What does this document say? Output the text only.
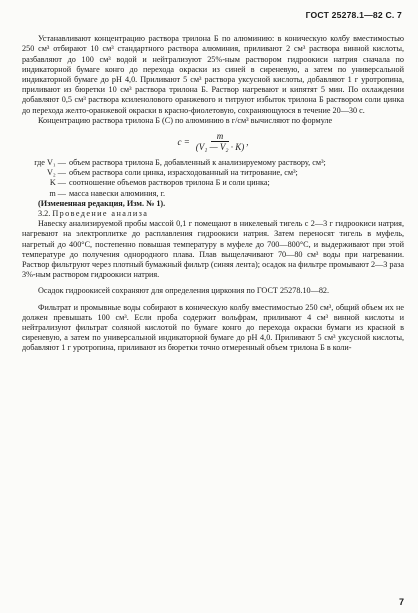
ГОСТ 25278.1—82 С. 7

Устанавливают концентрацию раствора трилона Б по алюминию: в коническую колбу вместимостью 250 см³ отбирают 10 см³ стандартного раствора алюминия, приливают 2 см³ раствора винной кислоты, разбавляют до 100 см³ водой и нейтрализуют 25%-ным раствором гидроокиси натрия сначала по индикаторной бумаге конго до перехода окраски из синей в сиреневую, а затем по универсальной индикаторной бумаге до pH 4,0. Приливают 5 см³ раствора уксусной кислоты, добавляют 1 г уротропина, приливают из бюретки 10 см³ раствора трилона Б. Раствор нагревают и кипятят 5 мин. По охлаждении добавляют 0,5 см³ раствора ксиленолового оранжевого и титруют избыток трилона Б раствором соли цинка до перехода желто-оранжевой окраски в красно-фиолетовую, сохраняющуюся в течение 20—30 с.

Концентрацию раствора трилона Б (C) по алюминию в г/см³ вычисляют по формуле

$c = \frac{m}{\text{(V₁ — V₂ · K)}}$ ,
где V₁ — объем раствора трилона Б, добавленный к анализируемому раствору, см³;
V₂ — объем раствора соли цинка, израсходованный на титрование, см³;
K — соотношение объемов растворов трилона Б и соли цинка;
m — масса навески алюминия, г.

(Измененная редакция, Изм. № 1).

3.2. Проведение анализа

Навеску анализируемой пробы массой 0,1 г помещают в никелевый тигель с 2—3 г гидроокиси натрия, нагревают на электроплитке до расплавления гидроокиси натрия. Затем переносят тигель в муфель, нагретый до 400°С, постепенно повышая температуру в муфеле до 700—800°С, и выдерживают при этой температуре до получения однородного плава. Плав выщелачивают 70—80 см³ воды при нагревании. Раствор фильтруют через плотный бумажный фильтр (синяя лента); осадок на фильтре промывают 2—3 раза 3%-ным раствором гидроокиси натрия.

Осадок гидроокисей сохраняют для определения циркония по ГОСТ 25278.10—82.

Фильтрат и промывные воды собирают в коническую колбу вместимостью 250 см³, общий объем их не должен превышать 100 см³. Если проба содержит вольфрам, приливают 4 см³ винной кислоты и нейтрализуют фильтрат соляной кислотой по бумаге конго до перехода окраски бумаги из красной в сиреневую, а затем по универсальной индикаторной бумаге до pH 4,0. Приливают 5 см³ уксусной кислоты, добавляют 1 г уротропина, приливают из бюретки точно отмеренный объем трилона Б в коли-

7
